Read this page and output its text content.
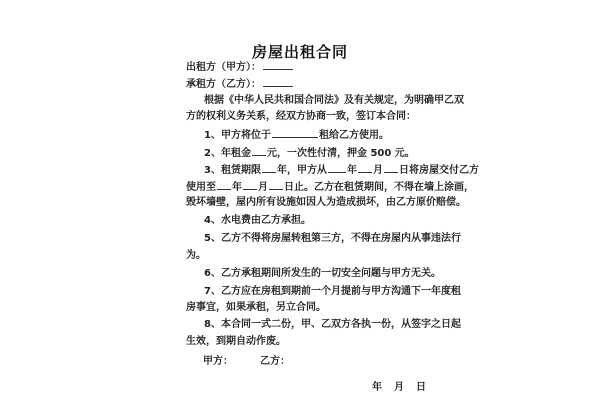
房屋出租合同
出租方（甲方）：
承租方（乙方）：
根据《中华人民共和国合同法》及有关规定，为明确甲乙双
方的权利义务关系，经双方协商一致，签订本合同：
1、甲方将位于	租给乙方使用。
2、年租金 元，一次性付清，押金 500 元。
3、租赁期限 年，甲方从 年 月 日将房屋交付乙方
使用至 年 月 日止。乙方在租赁期间，不得在墙上涂画，
毁坏墙壁，屋内所有设施如因人为造成损坏，由乙方原价赔偿。
4、水电费由乙方承担。
5、乙方不得将房屋转租第三方，不得在房屋内从事违法行
为。
6、乙方承租期间所发生的一切安全问题与甲方无关。
7、乙方应在房租到期前一个月提前与甲方沟通下一年度租
房事宜，如果承租，另立合同。
8、本合同一式二份，甲、乙双方各执一份，从签字之日起
甲方：	乙方：
年 月 日
生效，到期自动作废。
